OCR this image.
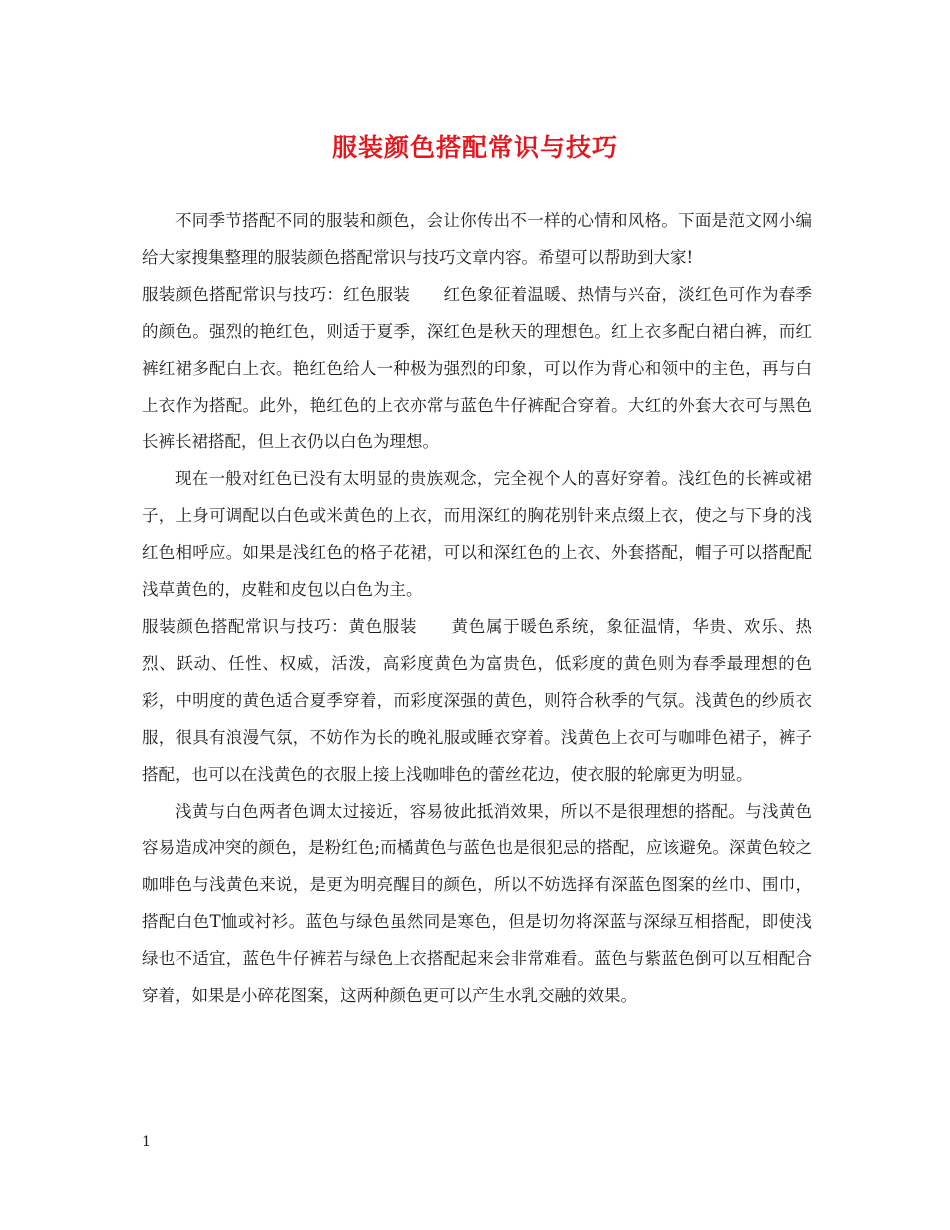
服装颜色搭配常识与技巧

不同季节搭配不同的服装和颜色，会让你传出不一样的心情和风格。下面是范文网小编给大家搜集整理的服装颜色搭配常识与技巧文章内容。希望可以帮助到大家!

服装颜色搭配常识与技巧：红色服装　　红色象征着温暖、热情与兴奋，淡红色可作为春季的颜色。强烈的艳红色，则适于夏季，深红色是秋天的理想色。红上衣多配白裙白裤，而红裤红裙多配白上衣。艳红色给人一种极为强烈的印象，可以作为背心和领中的主色，再与白上衣作为搭配。此外，艳红色的上衣亦常与蓝色牛仔裤配合穿着。大红的外套大衣可与黑色长裤长裙搭配，但上衣仍以白色为理想。

现在一般对红色已没有太明显的贵族观念，完全视个人的喜好穿着。浅红色的长裤或裙子，上身可调配以白色或米黄色的上衣，而用深红的胸花别针来点缀上衣，使之与下身的浅红色相呼应。如果是浅红色的格子花裙，可以和深红色的上衣、外套搭配，帽子可以搭配配浅草黄色的，皮鞋和皮包以白色为主。

服装颜色搭配常识与技巧：黄色服装　　黄色属于暖色系统，象征温情，华贵、欢乐、热烈、跃动、任性、权威，活泼，高彩度黄色为富贵色，低彩度的黄色则为春季最理想的色彩，中明度的黄色适合夏季穿着，而彩度深强的黄色，则符合秋季的气氛。浅黄色的纱质衣服，很具有浪漫气氛，不妨作为长的晚礼服或睡衣穿着。浅黄色上衣可与咖啡色裙子，裤子搭配，也可以在浅黄色的衣服上接上浅咖啡色的蕾丝花边，使衣服的轮廓更为明显。

浅黄与白色两者色调太过接近，容易彼此抵消效果，所以不是很理想的搭配。与浅黄色容易造成冲突的颜色，是粉红色;而橘黄色与蓝色也是很犯忌的搭配，应该避免。深黄色较之咖啡色与浅黄色来说，是更为明亮醒目的颜色，所以不妨选择有深蓝色图案的丝巾、围巾，搭配白色T恤或衬衫。蓝色与绿色虽然同是寒色，但是切勿将深蓝与深绿互相搭配，即使浅绿也不适宜，蓝色牛仔裤若与绿色上衣搭配起来会非常难看。蓝色与紫蓝色倒可以互相配合穿着，如果是小碎花图案，这两种颜色更可以产生水乳交融的效果。

1
